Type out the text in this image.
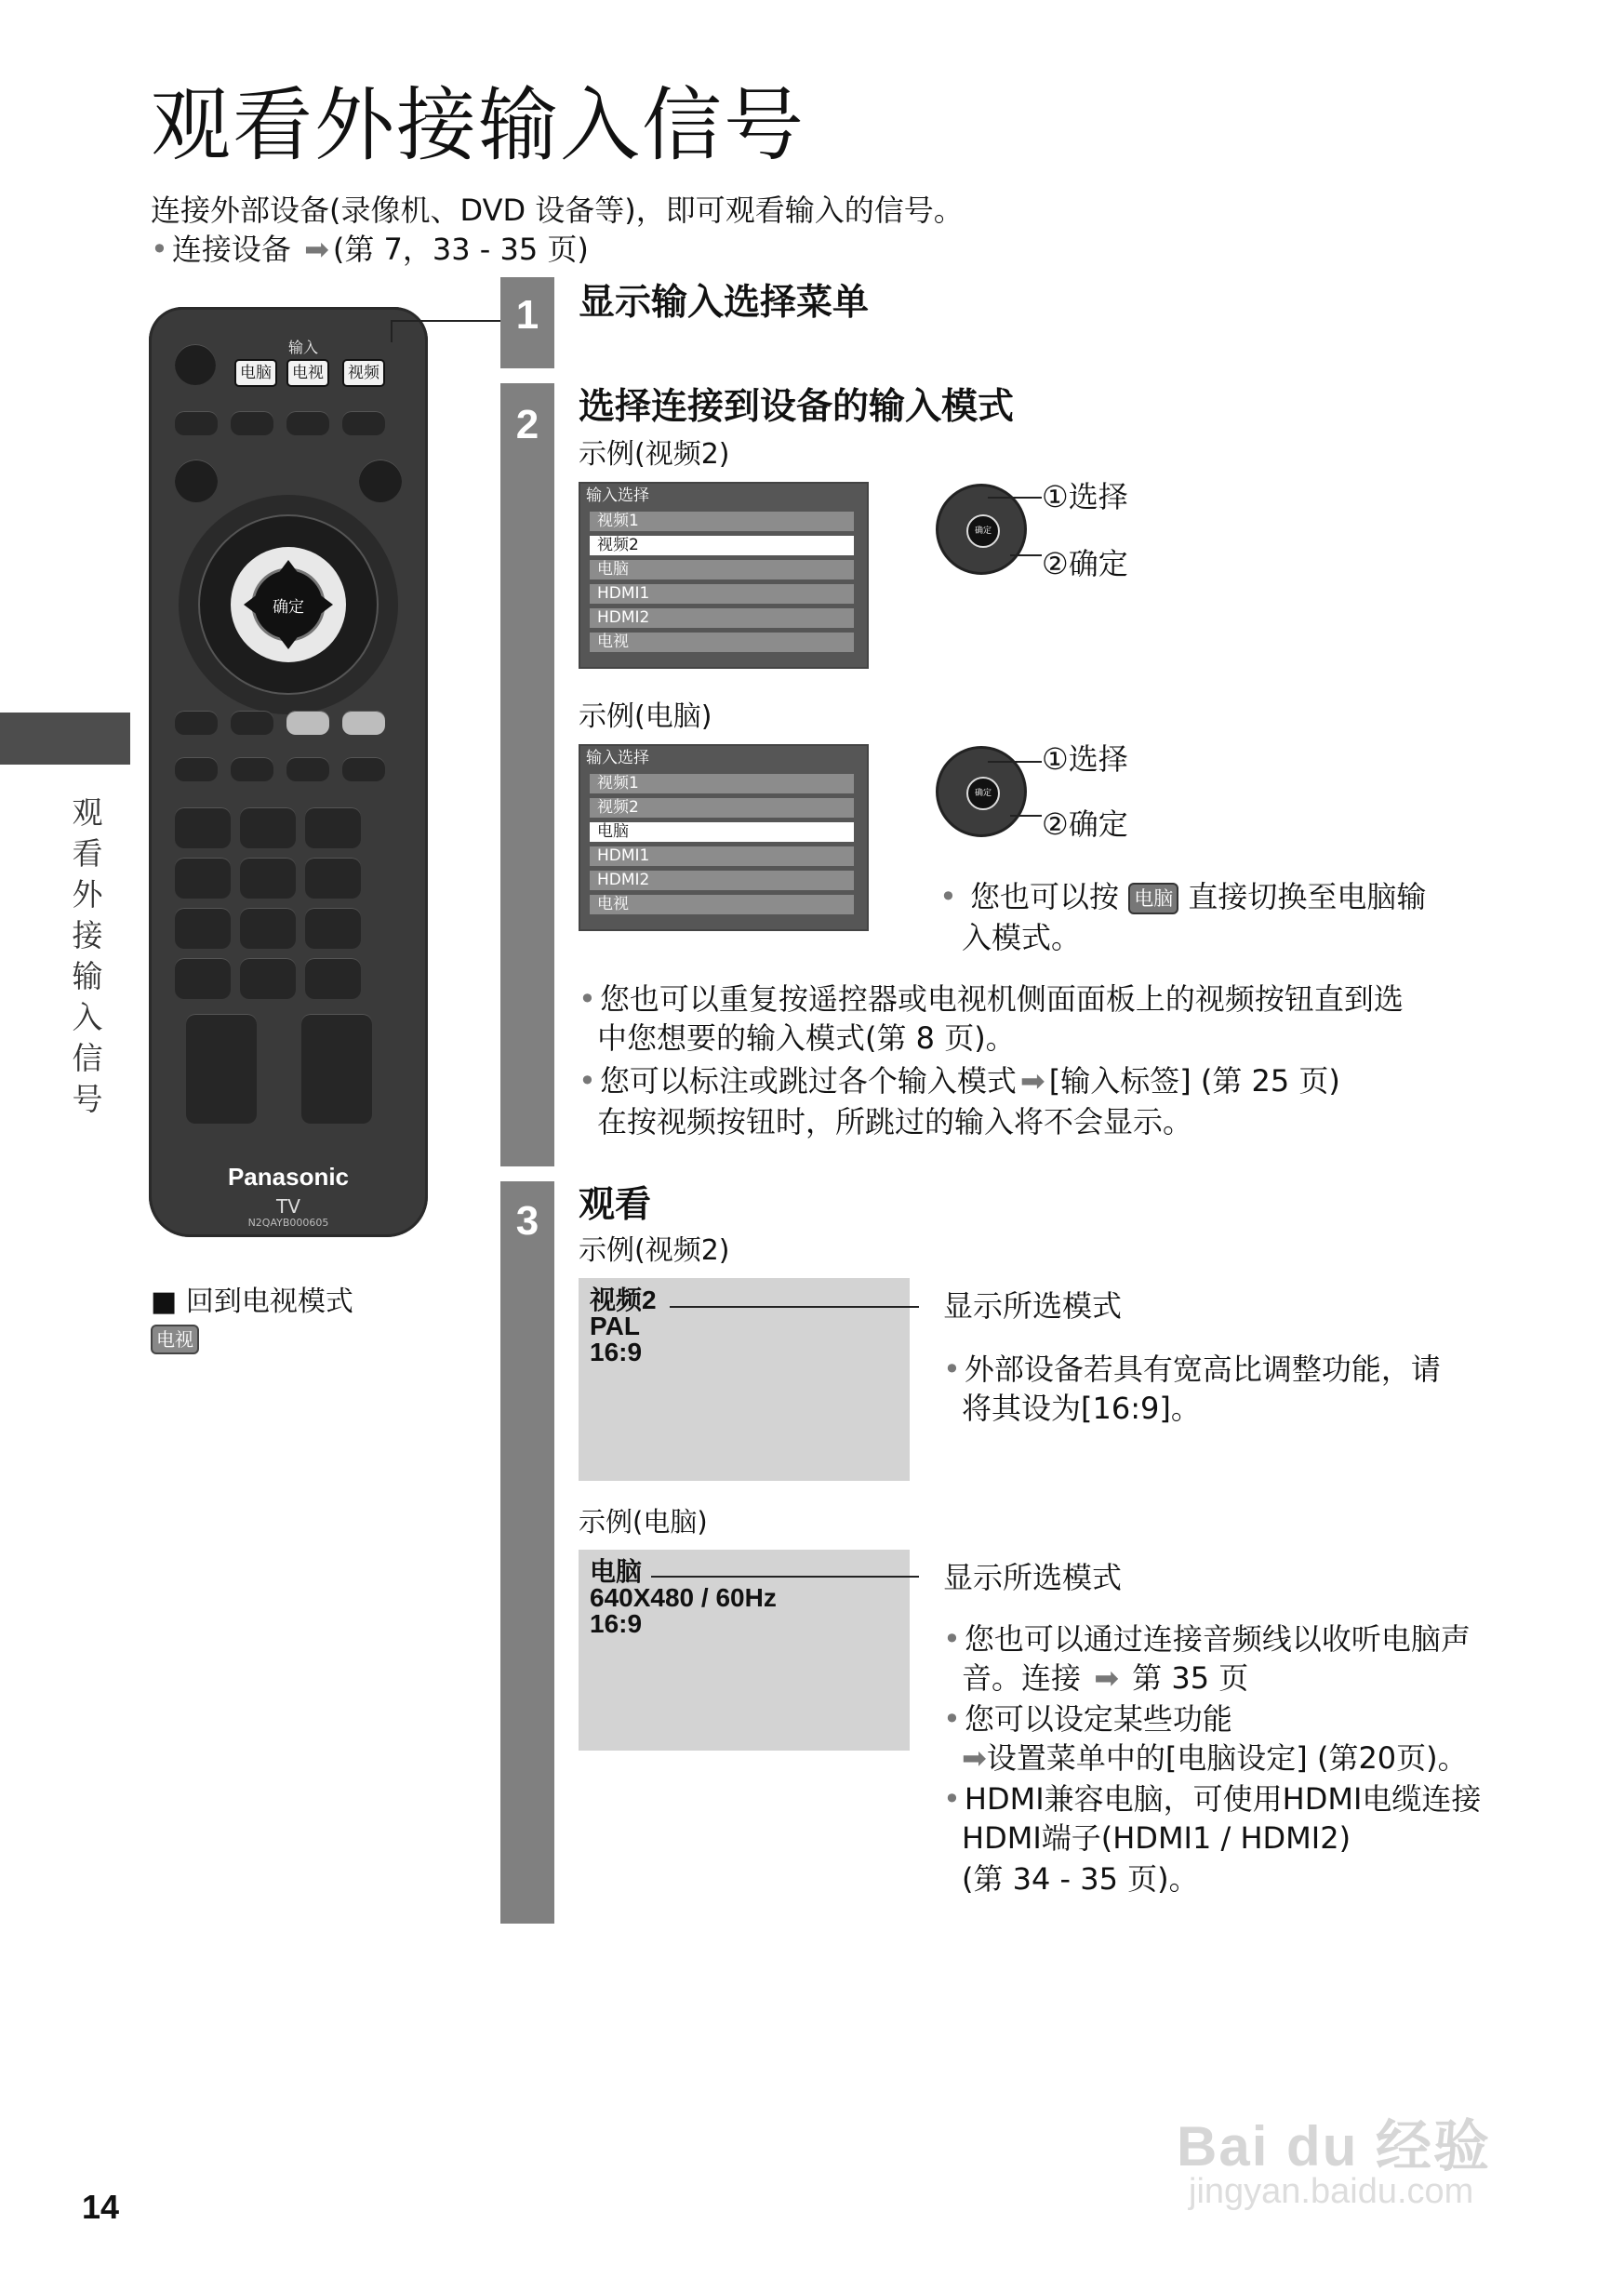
观看外接输入信号
连接外部设备(录像机、DVD 设备等)，即可观看输入的信号。
• 连接设备 ➡ (第 7，33 - 35 页)
观看外接输入信号
输入
电脑	电视	视频
确定
Panasonic
TV
N2QAYB000605
■ 回到电视模式
电视
1	显示输入选择菜单
2	选择连接到设备的输入模式
示例(视频2)
输入选择
视频1
视频2
电脑
HDMI1
HDMI2
电视
确定
①选择
②确定
示例(电脑)
输入选择
视频1
视频2
电脑
HDMI1
HDMI2
电视
确定
①选择
②确定
• 您也可以按 电脑 直接切换至电脑输
入模式。
• 您也可以重复按遥控器或电视机侧面面板上的视频按钮直到选
中您想要的输入模式(第 8 页)。
• 您可以标注或跳过各个输入模式 ➡ [输入标签] (第 25 页)
在按视频按钮时，所跳过的输入将不会显示。
3	观看
示例(视频2)
视频2
PAL
16:9
显示所选模式
• 外部设备若具有宽高比调整功能，请
将其设为[16:9]。
示例(电脑)
电脑
640X480 / 60Hz
16:9
显示所选模式
• 您也可以通过连接音频线以收听电脑声
音。连接 ➡ 第 35 页
• 您可以设定某些功能
➡设置菜单中的[电脑设定] (第20页)。
• HDMI兼容电脑，可使用HDMI电缆连接
HDMI端子(HDMI1 / HDMI2)
(第 34 - 35 页)。
14
Bai du 经验
jingyan.baidu.com
